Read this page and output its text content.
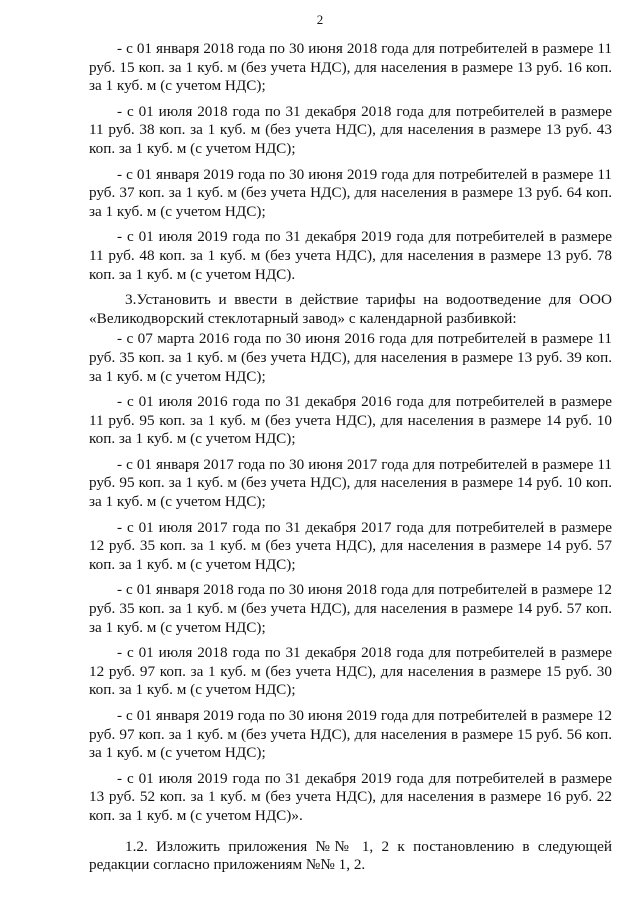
2

- с 01 января 2018 года по 30 июня 2018 года для потребителей в размере 11 руб. 15 коп. за 1 куб. м (без учета НДС), для населения в размере 13 руб. 16 коп. за 1 куб. м (с учетом НДС);

- с 01 июля 2018 года по 31 декабря 2018 года для потребителей в размере 11 руб. 38 коп. за 1 куб. м (без учета НДС), для населения в размере 13 руб. 43 коп. за 1 куб. м (с учетом НДС);

- с 01 января 2019 года по 30 июня 2019 года для потребителей в размере 11 руб. 37 коп. за 1 куб. м (без учета НДС), для населения в размере 13 руб. 64 коп. за 1 куб. м (с учетом НДС);

- с 01 июля 2019 года по 31 декабря 2019 года для потребителей в размере 11 руб. 48 коп. за 1 куб. м (без учета НДС), для населения в размере 13 руб. 78 коп. за 1 куб. м (с учетом НДС).

3.Установить и ввести в действие тарифы на водоотведение для ООО «Великодворский стеклотарный завод» с календарной разбивкой:

- с 07 марта 2016 года по 30 июня 2016 года для потребителей в размере 11 руб. 35 коп. за 1 куб. м (без учета НДС), для населения в размере 13 руб. 39 коп. за 1 куб. м (с учетом НДС);

- с 01 июля 2016 года по 31 декабря 2016 года для потребителей в размере 11 руб. 95 коп. за 1 куб. м (без учета НДС), для населения в размере 14 руб. 10 коп. за 1 куб. м (с учетом НДС);

- с 01 января 2017 года по 30 июня 2017 года для потребителей в размере 11 руб. 95 коп. за 1 куб. м (без учета НДС), для населения в размере 14 руб. 10 коп. за 1 куб. м (с учетом НДС);

- с 01 июля 2017 года по 31 декабря 2017 года для потребителей в размере 12 руб. 35 коп. за 1 куб. м (без учета НДС), для населения в размере 14 руб. 57 коп. за 1 куб. м (с учетом НДС);

- с 01 января 2018 года по 30 июня 2018 года для потребителей в размере 12 руб. 35 коп. за 1 куб. м (без учета НДС), для населения в размере 14 руб. 57 коп. за 1 куб. м (с учетом НДС);

- с 01 июля 2018 года по 31 декабря 2018 года для потребителей в размере 12 руб. 97 коп. за 1 куб. м (без учета НДС), для населения в размере 15 руб. 30 коп. за 1 куб. м (с учетом НДС);

- с 01 января 2019 года по 30 июня 2019 года для потребителей в размере 12 руб. 97 коп. за 1 куб. м (без учета НДС), для населения в размере 15 руб. 56 коп. за 1 куб. м (с учетом НДС);

- с 01 июля 2019 года по 31 декабря 2019 года для потребителей в размере 13 руб. 52 коп. за 1 куб. м (без учета НДС), для населения в размере 16 руб. 22 коп. за 1 куб. м (с учетом НДС)».

1.2. Изложить приложения №№ 1, 2 к постановлению в следующей редакции согласно приложениям №№ 1, 2.
